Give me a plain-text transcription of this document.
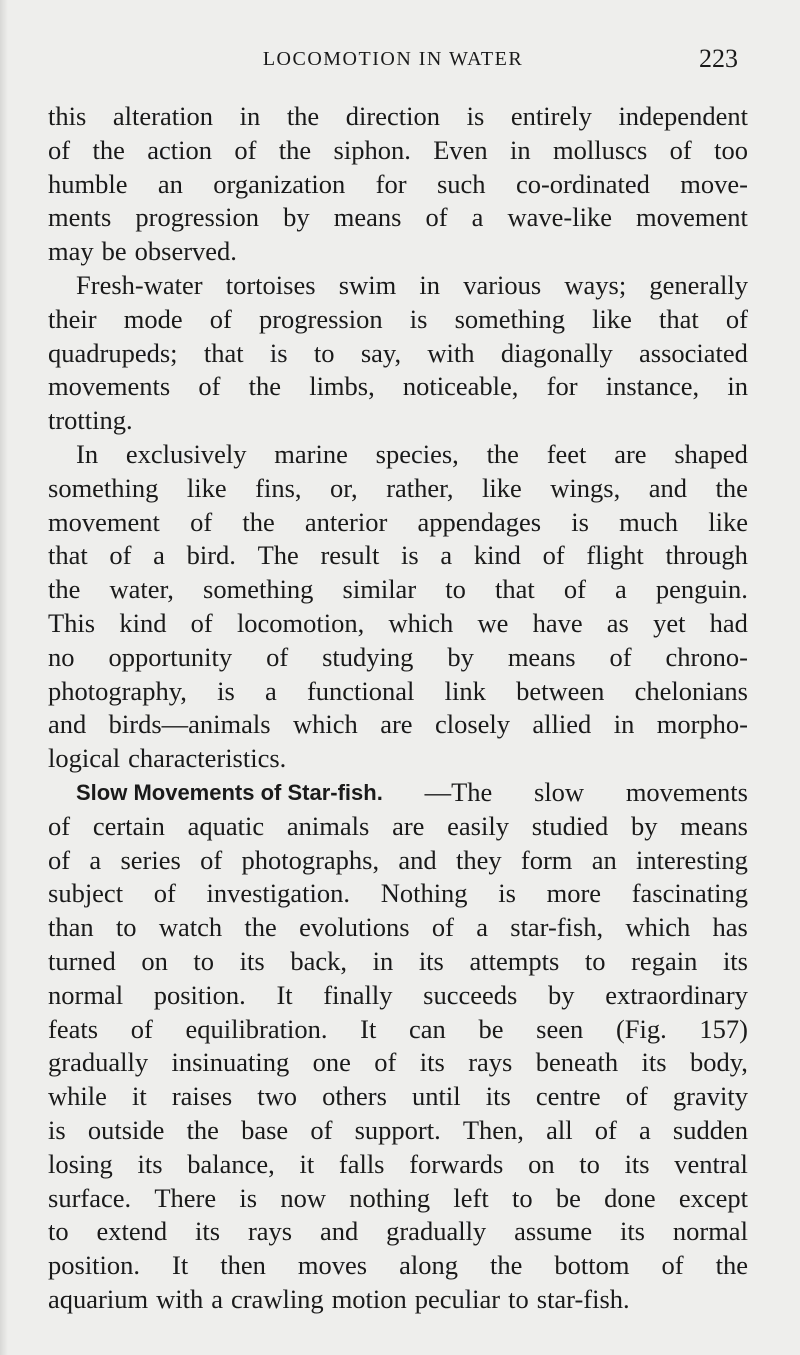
LOCOMOTION IN WATER	223
this alteration in the direction is entirely independent
of the action of the siphon. Even in molluscs of too
humble an organization for such co-ordinated move-
ments progression by means of a wave-like movement
may be observed.
Fresh-water tortoises swim in various ways; generally
their mode of progression is something like that of
quadrupeds; that is to say, with diagonally associated
movements of the limbs, noticeable, for instance, in
trotting.
In exclusively marine species, the feet are shaped
something like fins, or, rather, like wings, and the
movement of the anterior appendages is much like
that of a bird. The result is a kind of flight through
the water, something similar to that of a penguin.
This kind of locomotion, which we have as yet had
no opportunity of studying by means of chrono-
photography, is a functional link between chelonians
and birds—animals which are closely allied in morpho-
logical characteristics.
Slow Movements of Star-fish. —The slow movements
of certain aquatic animals are easily studied by means
of a series of photographs, and they form an interesting
subject of investigation. Nothing is more fascinating
than to watch the evolutions of a star-fish, which has
turned on to its back, in its attempts to regain its
normal position. It finally succeeds by extraordinary
feats of equilibration. It can be seen (Fig. 157)
gradually insinuating one of its rays beneath its body,
while it raises two others until its centre of gravity
is outside the base of support. Then, all of a sudden
losing its balance, it falls forwards on to its ventral
surface. There is now nothing left to be done except
to extend its rays and gradually assume its normal
position. It then moves along the bottom of the
aquarium with a crawling motion peculiar to star-fish.
